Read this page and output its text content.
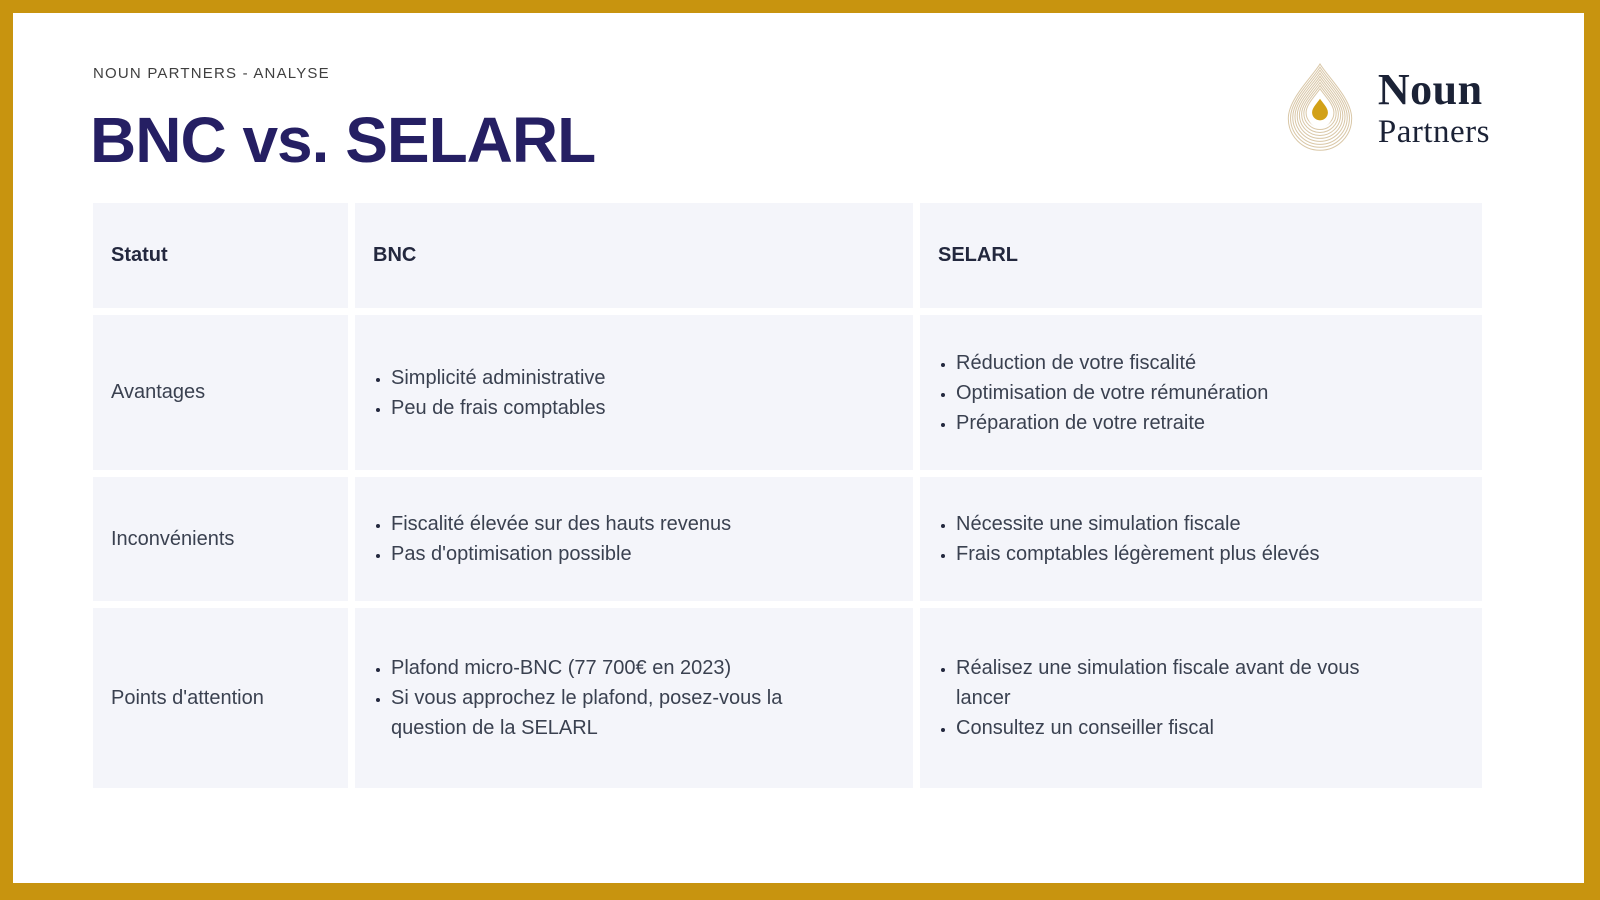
NOUN PARTNERS - ANALYSE
BNC vs. SELARL
Noun
Partners
Statut	BNC	SELARL
Avantages
• Simplicité administrative
• Peu de frais comptables
• Réduction de votre fiscalité
• Optimisation de votre rémunération
• Préparation de votre retraite
Inconvénients
• Fiscalité élevée sur des hauts revenus
• Pas d'optimisation possible
• Nécessite une simulation fiscale
• Frais comptables légèrement plus élevés
Points d'attention
• Plafond micro-BNC (77 700€ en 2023)
• Si vous approchez le plafond, posez-vous la question de la SELARL
• Réalisez une simulation fiscale avant de vous lancer
• Consultez un conseiller fiscal
